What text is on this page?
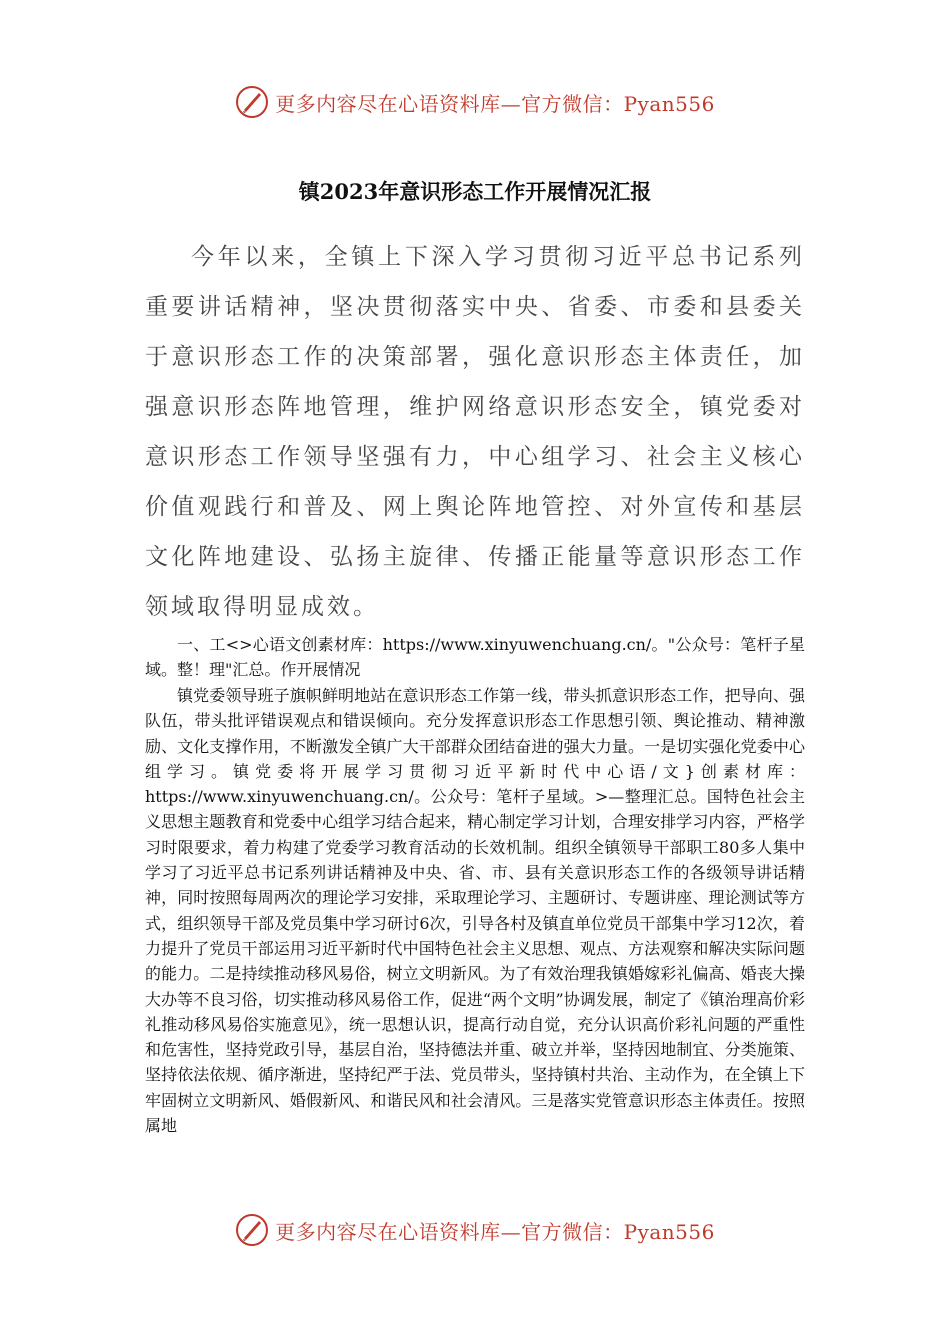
更多内容尽在心语资料库—官方微信：Pyan556
镇2023年意识形态工作开展情况汇报

今年以来，全镇上下深入学习贯彻习近平总书记系列重要讲话精神，坚决贯彻落实中央、省委、市委和县委关于意识形态工作的决策部署，强化意识形态主体责任，加强意识形态阵地管理，维护网络意识形态安全，镇党委对意识形态工作领导坚强有力，中心组学习、社会主义核心价值观践行和普及、网上舆论阵地管控、对外宣传和基层文化阵地建设、弘扬主旋律、传播正能量等意识形态工作领域取得明显成效。

一、工<>心语文创素材库：https://www.xinyuwenchuang.cn/。"公众号：笔杆子星域。整！理"汇总。作开展情况

镇党委领导班子旗帜鲜明地站在意识形态工作第一线，带头抓意识形态工作，把导向、强队伍，带头批评错误观点和错误倾向。充分发挥意识形态工作思想引领、舆论推动、精神激励、文化支撑作用，不断激发全镇广大干部群众团结奋进的强大力量。一是切实强化党委中心组学习。镇党委将开展学习贯彻习近平新时代中心语/文}创素材库：https://www.xinyuwenchuang.cn/。公众号：笔杆子星域。>—整理汇总。国特色社会主义思想主题教育和党委中心组学习结合起来，精心制定学习计划，合理安排学习内容，严格学习时限要求，着力构建了党委学习教育活动的长效机制。组织全镇领导干部职工80多人集中学习了习近平总书记系列讲话精神及中央、省、市、县有关意识形态工作的各级领导讲话精神，同时按照每周两次的理论学习安排，采取理论学习、主题研讨、专题讲座、理论测试等方式，组织领导干部及党员集中学习研讨6次，引导各村及镇直单位党员干部集中学习12次，着力提升了党员干部运用习近平新时代中国特色社会主义思想、观点、方法观察和解决实际问题的能力。二是持续推动移风易俗，树立文明新风。为了有效治理我镇婚嫁彩礼偏高、婚丧大操大办等不良习俗，切实推动移风易俗工作，促进“两个文明”协调发展，制定了《镇治理高价彩礼推动移风易俗实施意见》，统一思想认识，提高行动自觉，充分认识高价彩礼问题的严重性和危害性，坚持党政引导，基层自治，坚持德法并重、破立并举，坚持因地制宜、分类施策、坚持依法依规、循序渐进，坚持纪严于法、党员带头，坚持镇村共治、主动作为，在全镇上下牢固树立文明新风、婚假新风、和谐民风和社会清风。三是落实党管意识形态主体责任。按照属地

更多内容尽在心语资料库—官方微信：Pyan556
